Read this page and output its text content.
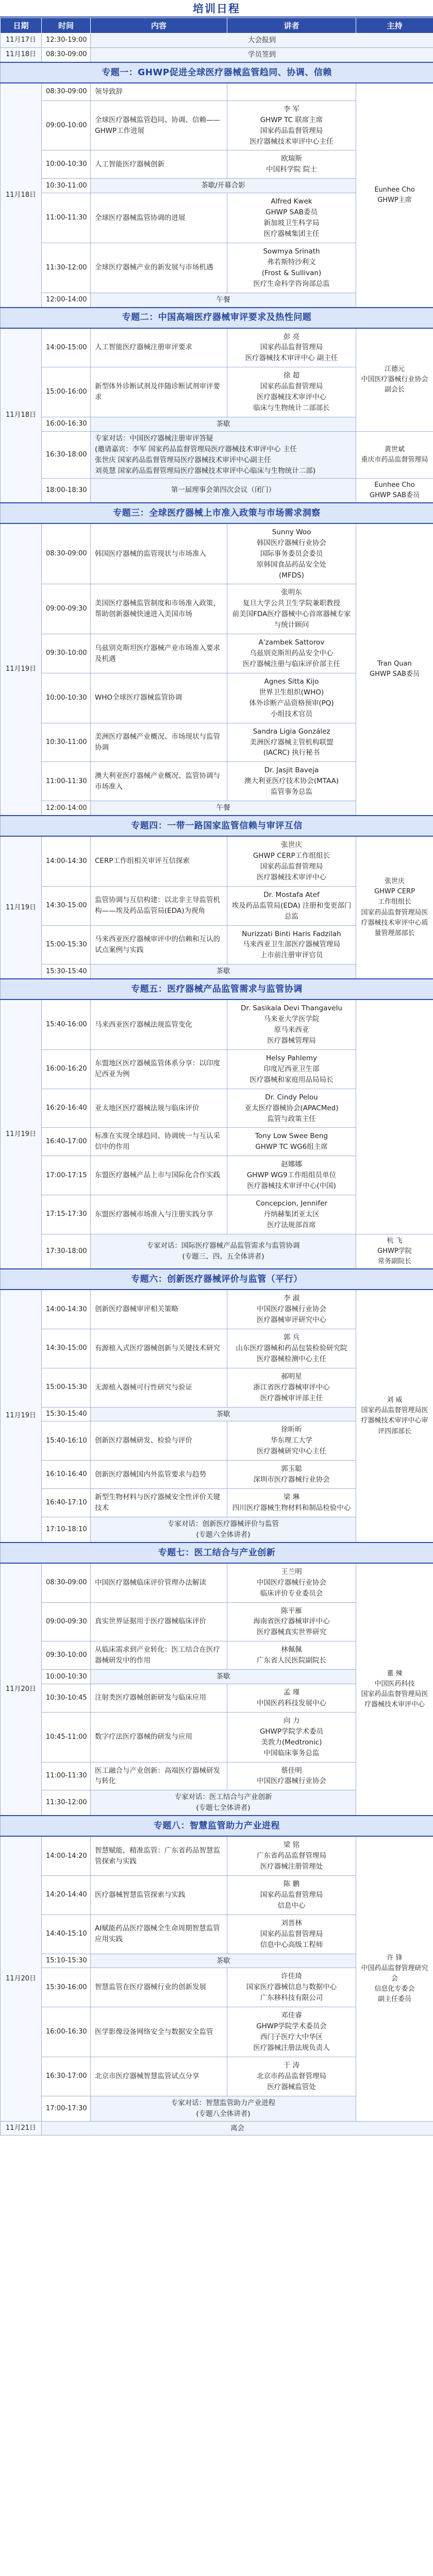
培训日程
日期	时间	内容	讲者	主持
11月17日	12:30-19:00	大会报到		
11月18日	08:30-09:00	学员签到		
专题一：GHWP促进全球医疗器械监管趋同、协调、信赖				
11月18日	08:30-09:00	领导致辞		Eunhee Cho
GHWP主席

	09:00-10:00	全球医疗器械监管趋同、协调、信赖——GHWP工作进展	李 军
GHWP TC 联席主席
国家药品监督管理局
医疗器械技术审评中心主任	

	10:00-10:30	人工智能医疗器械创新	欧瑞斯
中国科学院 院士	

	10:30-11:00	茶歇/开幕合影		

	11:00-11:30	全球医疗器械监管协调的进展	Alfred Kwek
GHWP SAB委员
新加坡卫生科学局
医疗器械集团主任	

	11:30-12:00	全球医疗器械产业的新发展与市场机遇	Sowmya Srinath
弗若斯特沙利文
(Frost & Sullivan)
医疗生命科学咨询部总监	

	12:00-14:00	午餐		

专题二：中国高端医疗器械审评要求及热性问题				
11月18日	14:00-15:00	人工智能医疗器械注册审评要求	彭 亮
国家药品监督管理局
医疗器械技术审评中心 副主任	江德元
中国医疗器械行业协会 副会长

	15:00-16:00	新型体外诊断试剂及伴随诊断试剂审评要求	徐 超
国家药品监督管理局
医疗器械技术审评中心
临床与生物统计二部部长	

	16:00-16:30	茶歇		

	16:30-18:00	专家对话：中国医疗器械注册审评答疑
(邀请嘉宾：李军 国家药品监督管理局医疗器械技术审评中心 主任
张世庆 国家药品监督管理局医疗器械技术审评中心副主任
刘英慧 国家药品监督管理局医疗器械技术审评中心临床与生物统计二部)		黄世斌
重庆市药品监督管理局

	18:00-18:30	第一届理事会第四次会议（闭门）		Eunhee Cho
GHWP SAB委员

专题三：全球医疗器械上市准入政策与市场需求洞察				
11月19日	08:30-09:00	韩国医疗器械的监管现状与市场准入	Sunny Woo
韩国医疗器械行业协会
国际事务委员会委员
原韩国食品药品安全处
(MFDS)	Tran Quan
GHWP SAB委员

	09:00-09:30	美国医疗器械监管制度和市场准入政策，帮助创新器械快速进入美国市场	张明东
复旦大学公共卫生学院兼职教授
前美国FDA医疗器械中心首席器械专家与统计顾问	

	09:30-10:00	乌兹别克斯坦医疗器械产业市场准入要求及机遇	A'zambek Sattorov
乌兹别克斯坦药品安全中心
医疗器械注册与临床评价部主任	

	10:00-10:30	WHO全球医疗器械监管协调	Agnes Sitta Kijo
世界卫生组织(WHO)
体外诊断产品资格预审(PQ)
小组技术官员	

	10:30-11:00	美洲医疗器械产业概况、市场现状与监管协调	Sandra Ligia González
美洲医疗器械主管机构联盟
(IACRC) 执行秘书	

	11:00-11:30	澳大利亚医疗器械产业概况、监管协调与市场准入	Dr. Jasjit Baveja
澳大利亚医疗技术协会(MTAA)
监管事务总监	

	12:00-14:00	午餐		

专题四：一带一路国家监管信赖与审评互信				
11月19日	14:00-14:30	CERP工作组相关审评互信探索	张世庆
GHWP CERP工作组组长
国家药品监督管理局
医疗器械技术审评中心	张世庆
GHWP CERP
工作组组长
国家药品监督管理局医疗器械技术审评中心质量管理部部长

	14:30-15:00	监管协调与互信构建：以北非主导监管机构——埃及药品监管局(EDA)为视角	Dr. Mostafa Atef
埃及药品监管局(EDA) 注册和变更部门总监	

	15:00-15:30	马来西亚医疗器械审评中的信赖和互认的试点案例与实践	Nurizzati Binti Haris Fadzilah
马来西亚卫生部医疗器械管理局
上市前注册审评官员	

	15:30-15:40	茶歇		

专题五：医疗器械产品监管需求与监管协调				
11月19日	15:40-16:00	马来西亚医疗器械法规监管变化	Dr. Sasikala Devi Thangavelu
马来亚大学医学院
原马来西亚
医疗器械管理局	

	16:00-16:20	东盟地区医疗器械监管体系分享：以印度尼西亚为例	Helsy Pahlemy
印度尼西亚卫生部
医疗器械和家庭用品局局长	

	16:20-16:40	亚太地区医疗器械法规与临床评价	Dr. Cindy Pelou
亚太医疗器械协会(APACMed)
监管与政策主任	

	16:40-17:00	标准在实现全球趋同、协调统一与互认采信中的作用	Tony Low Swee Beng
GHWP TC WG6组主席	

	17:00-17:15	东盟医疗器械产品上市与国际化合作实践	赵娜娜
GHWP WG9工作组组员单位
医疗器械技术审评中心(中国)	

	17:15-17:30	东盟医疗器械市场准入与注册实践分享	Concepcion, Jennifer
丹纳赫集团亚太区
医疗法规部首席	

	17:30-18:00	专家对话：国际医疗器械产品监管需求与监管协调
(专题三、四、五全体讲者)		杭 飞
GHWP学院
常务副院长

专题六：创新医疗器械评价与监管（平行）				
11月19日	14:00-14:30	创新医疗器械审评相关策略	李 淑
中国医疗器械行业协会
医疗器械审评研究中心	刘 威
国家药品监督管理局医疗器械技术审评中心审评四部部长

	14:30-15:00	有源植入式医疗器械创新与关键技术研究	郭 兵
山东医疗器械和药品包装检验研究院
医疗器械检测中心主任	

	15:00-15:30	无源植入器械可行性研究与验证	郝明星
浙江省医疗器械审评中心
医疗器械审评部主任	

	15:30-15:40	茶歇		

	15:40-16:10	创新医疗器械研发、检验与评价	徐昕昕
华东理工大学
医疗器械研究中心主任	

	16:10-16:40	创新医疗器械国内外监管要求与趋势	郭玉聪
深圳市医疗器械行业协会	

	16:40-17:10	新型生物材料与医疗器械安全性评价关键技术	梁 琳
四川医疗器械生物材料和制品检验中心	

	17:10-18:10	专家对话：创新医疗器械评价与监管
(专题六全体讲者)		

专题七：医工结合与产业创新				
11月20日	08:30-09:00	中国医疗器械临床评价管理办法解读	王兰明
中国医疗器械行业协会
临床评价专业委员会	董 辣
中国医药科技
国家药品监督管理局医疗器械技术审评中心

	09:00-09:30	真实世界证据用于医疗器械临床评价	陈平雁
海南省医疗器械审评中心
医疗器械真实世界研究	

	09:30-10:00	从临床需求到产业转化：医工结合在医疗器械研发中的作用	林佩佩
广东省人民医院副院长	

	10:00-10:30	茶歇		

	10:30-10:45	注射类医疗器械创新研发与临床应用	孟 瑾
中国医药科技发展中心	

	10:45-11:00	数字疗法医疗器械的研发与应用	向 力
GHWP学院学术委员
美敦力(Medtronic)
中国临床事务总监	

	11:00-11:30	医工融合与产业创新：高端医疗器械研发与转化	蔡佳明
中国医疗器械行业协会	

	11:30-12:00	专家对话：医工结合与产业创新
(专题七全体讲者)		

专题八：智慧监管助力产业进程				
11月20日	14:00-14:20	智慧赋能，精准监管：广东省药品智慧监管探索与实践	梁 铭
广东省药品监督管理局
医疗器械注册管理处	许 锋
中国药品监督管理研究会
信息化专委会
副主任委员

	14:20-14:40	医疗器械智慧监管探索与实践	陈 鹏
国家药品监督管理局
信息中心	

	14:40-15:10	AI赋能药品医疗器械全生命周期智慧监管应用实践	刘晋林
国家药品监督管理局
信息中心高级工程师	

	15:10-15:30	茶歇		

	15:30-16:00	智慧监管在医疗器械行业的创新发展	许佳琦
国家医疗器械信息与数据中心
广东移科技有限公司	

	16:00-16:30	医学影像设备网络安全与数据安全监管	邓佳睿
GHWP学院学术委员会
西门子医疗大中华区
医疗器械注册法规负责人	

	16:30-17:00	北京市医疗器械智慧监管试点分享	于 涛
北京市药品监督管理局
医疗器械监管处	

	17:00-17:30	专家对话：智慧监管助力产业进程
(专题八全体讲者)		

11月21日	离会			
